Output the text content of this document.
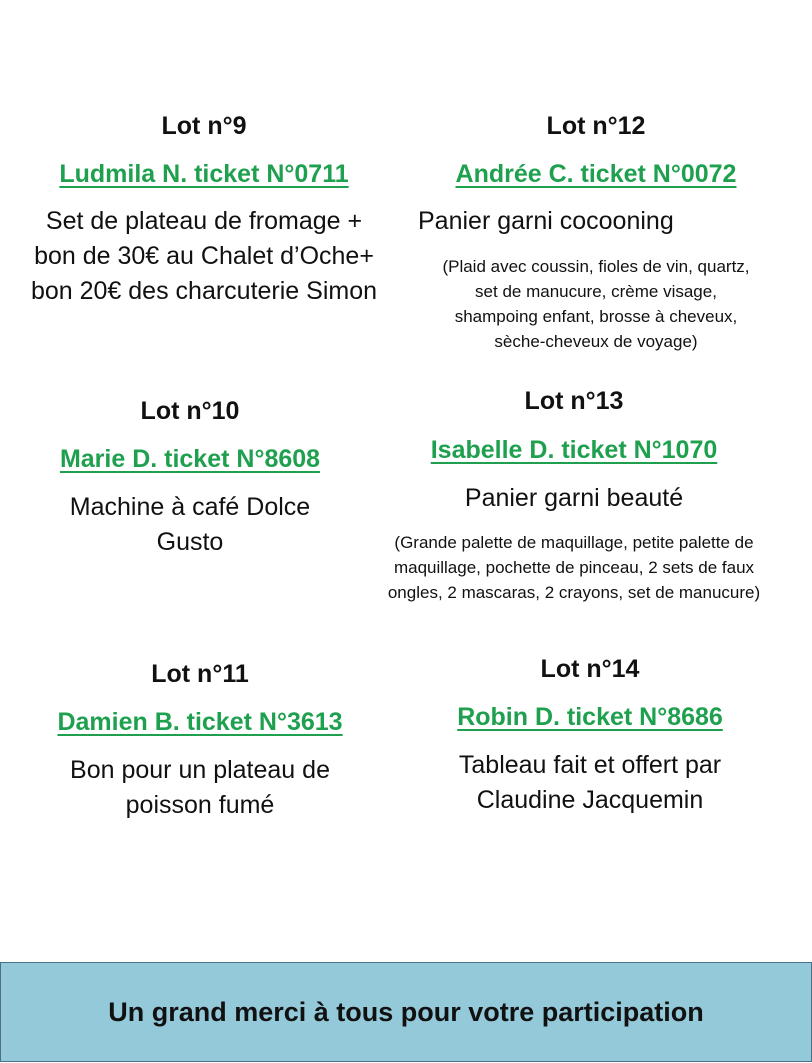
Lot n°9
Ludmila N. ticket N°0711
Set de plateau de fromage +
bon de 30€ au Chalet d’Oche+
bon 20€ des charcuterie Simon
Lot n°12
Andrée C. ticket N°0072
Panier garni cocooning
(Plaid avec coussin, fioles de vin, quartz,
set de manucure, crème visage,
shampoing enfant, brosse à cheveux,
sèche-cheveux de voyage)
Lot n°10
Marie D. ticket N°8608
Machine à café Dolce
Gusto
Lot n°13
Isabelle D. ticket N°1070
Panier garni beauté
(Grande palette de maquillage, petite palette de
maquillage, pochette de pinceau, 2 sets de faux
ongles, 2 mascaras, 2 crayons, set de manucure)
Lot n°11
Damien B. ticket N°3613
Bon pour un plateau de
poisson fumé
Lot n°14
Robin D. ticket N°8686
Tableau fait et offert par
Claudine Jacquemin
Un grand merci à tous pour votre participation
